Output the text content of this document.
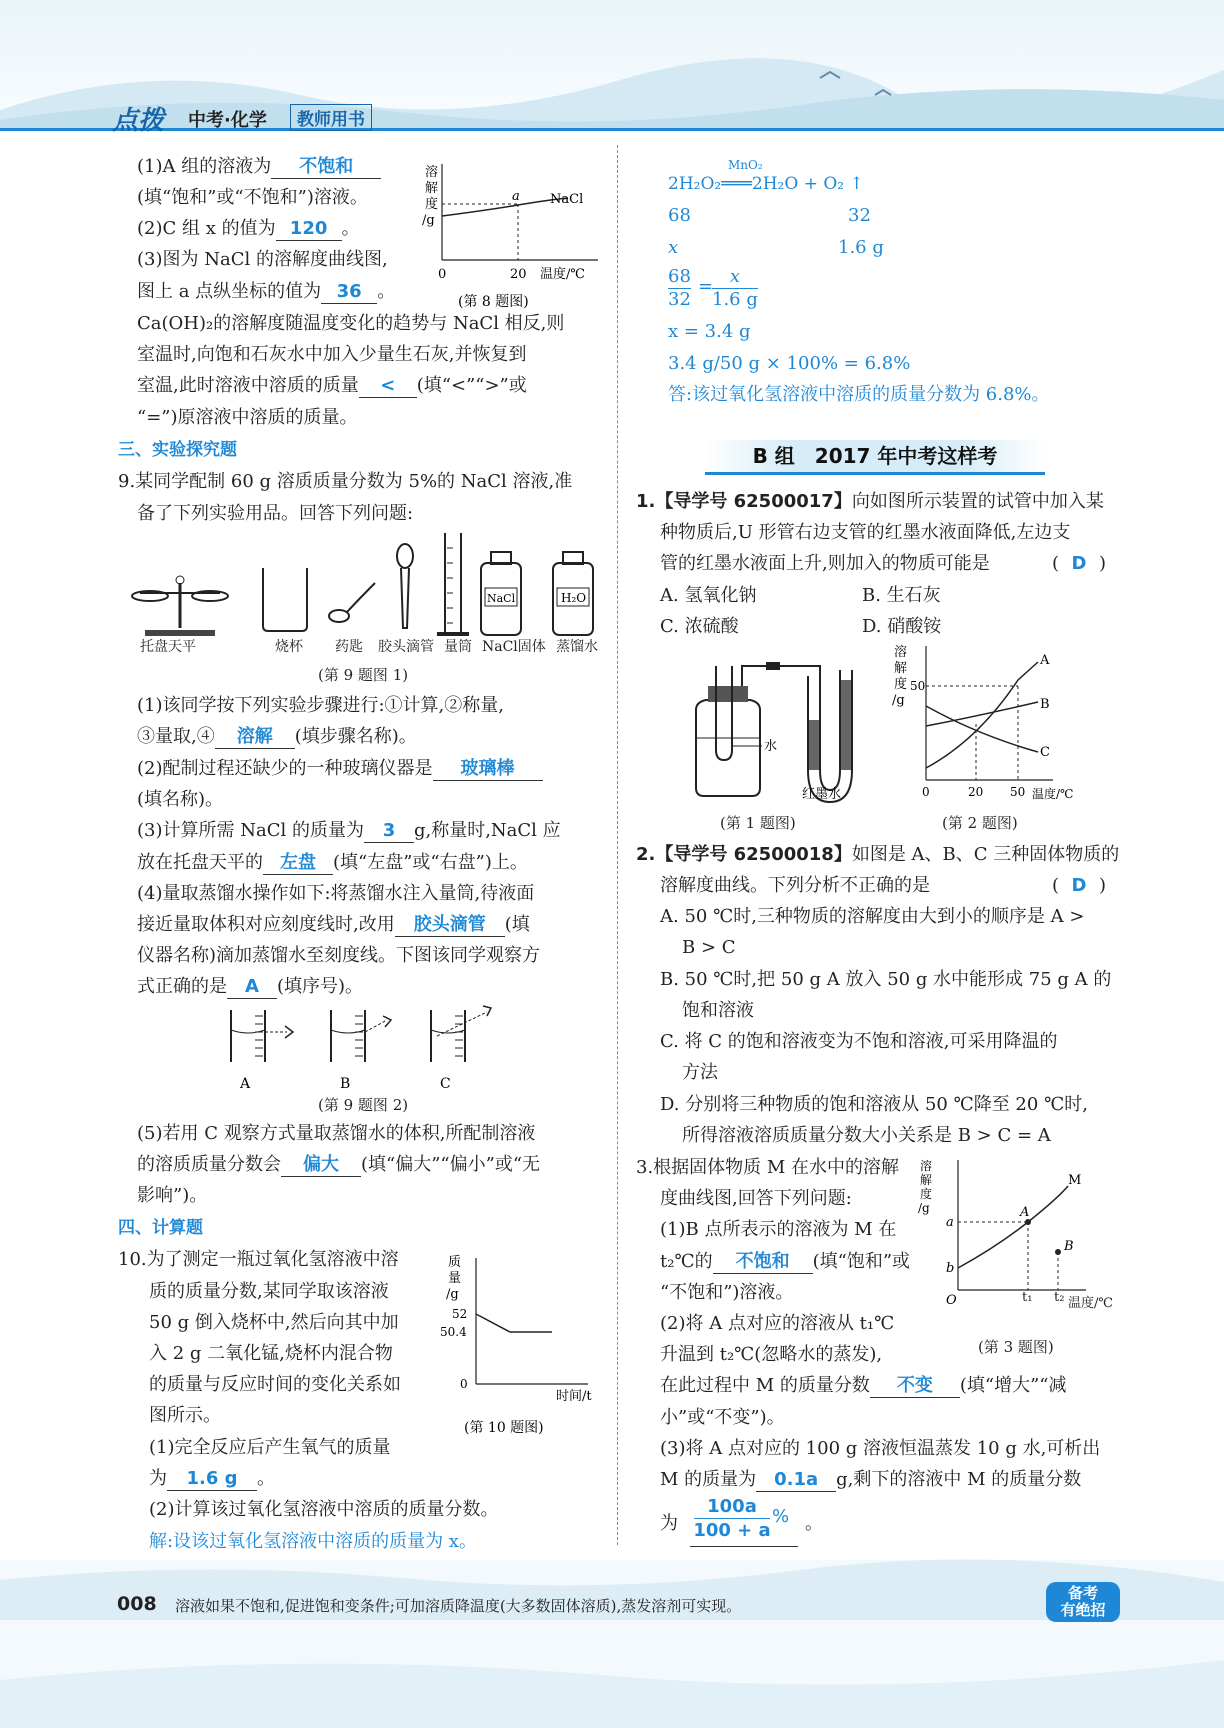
点拨 中考·化学	教师用书
(1)A 组的溶液为 不饱和
(填“饱和”或“不饱和”)溶液。
(2)C 组 x 的值为 120 。
(3)图为 NaCl 的溶解度曲线图,
图上 a 点纵坐标的值为 36 。
Ca(OH)₂的溶解度随温度变化的趋势与 NaCl 相反,则
室温时,向饱和石灰水中加入少量生石灰,并恢复到
室温,此时溶液中溶质的质量 < (填“<”“>”或
“=”)原溶液中溶质的质量。
溶
解
度
/g
a NaCl
0	20 温度/℃
(第 8 题图)
三、实验探究题
9.某同学配制 60 g 溶质质量分数为 5%的 NaCl 溶液,准
备了下列实验用品。回答下列问题:
NaCl	H₂O
托盘天平	烧杯 药匙 胶头滴管 量筒 NaCl固体 蒸馏水
(第 9 题图 1)
(1)该同学按下列实验步骤进行:①计算,②称量,
③量取,④ 溶解 (填步骤名称)。
(2)配制过程还缺少的一种玻璃仪器是 玻璃棒
(填名称)。
(3)计算所需 NaCl 的质量为 3 g,称量时,NaCl 应
放在托盘天平的 左盘 (填“左盘”或“右盘”)上。
(4)量取蒸馏水操作如下:将蒸馏水注入量筒,待液面
接近量取体积对应刻度线时,改用 胶头滴管 (填
仪器名称)滴加蒸馏水至刻度线。下图该同学观察方
式正确的是 A (填序号)。
A	B	C
(第 9 题图 2)
(5)若用 C 观察方式量取蒸馏水的体积,所配制溶液
的溶质质量分数会 偏大 (填“偏大”“偏小”或“无
影响”)。
四、计算题
10.为了测定一瓶过氧化氢溶液中溶
质的质量分数,某同学取该溶液
50 g 倒入烧杯中,然后向其中加
入 2 g 二氧化锰,烧杯内混合物
的质量与反应时间的变化关系如
图所示。
(1)完全反应后产生氧气的质量
为 1.6 g 。
(2)计算该过氧化氢溶液中溶质的质量分数。
解:设该过氧化氢溶液中溶质的质量为 x。
质
量
/g
52
50.4
0
时间/t
(第 10 题图)
MnO₂
2H₂O₂═══2H₂O + O₂ ↑
68	32
x	1.6 g
68
32
= x
1.6 g
x = 3.4 g
3.4 g/50 g × 100% = 6.8%
答:该过氧化氢溶液中溶质的质量分数为 6.8%。
B 组　2017 年中考这样考
1.【导学号 62500017】向如图所示装置的试管中加入某
种物质后,U 形管右边支管的红墨水液面降低,左边支
管的红墨水液面上升,则加入的物质可能是	( D )
A. 氢氧化钠	B. 生石灰
C. 浓硫酸	D. 硝酸铵
水
红墨水
(第 1 题图)
溶
解
度
/g
50
A
B
C
0	20 50 温度/℃
(第 2 题图)
2.【导学号 62500018】如图是 A、B、C 三种固体物质的
溶解度曲线。下列分析不正确的是	( D )
A. 50 ℃时,三种物质的溶解度由大到小的顺序是 A >
B > C
B. 50 ℃时,把 50 g A 放入 50 g 水中能形成 75 g A 的
饱和溶液
C. 将 C 的饱和溶液变为不饱和溶液,可采用降温的
方法
D. 分别将三种物质的饱和溶液从 50 ℃降至 20 ℃时,
所得溶液溶质质量分数大小关系是 B > C = A
3.根据固体物质 M 在水中的溶解
度曲线图,回答下列问题:
(1)B 点所表示的溶液为 M 在
t₂℃的 不饱和 (填“饱和”或
“不饱和”)溶液。
(2)将 A 点对应的溶液从 t₁℃
升温到 t₂℃(忽略水的蒸发),
在此过程中 M 的质量分数 不变 (填“增大”“减
小”或“不变”)。
(3)将 A 点对应的 100 g 溶液恒温蒸发 10 g 水,可析出
M 的质量为 0.1a g,剩下的溶液中 M 的质量分数
为
100a
100 + a
% 。
溶
解
度
/g
M
A
B
a
b
O	t₁ t₂ 温度/℃
(第 3 题图)
008 溶液如果不饱和,促进饱和变条件;可加溶质降温度(大多数固体溶质),蒸发溶剂可实现。
备考
有绝招
